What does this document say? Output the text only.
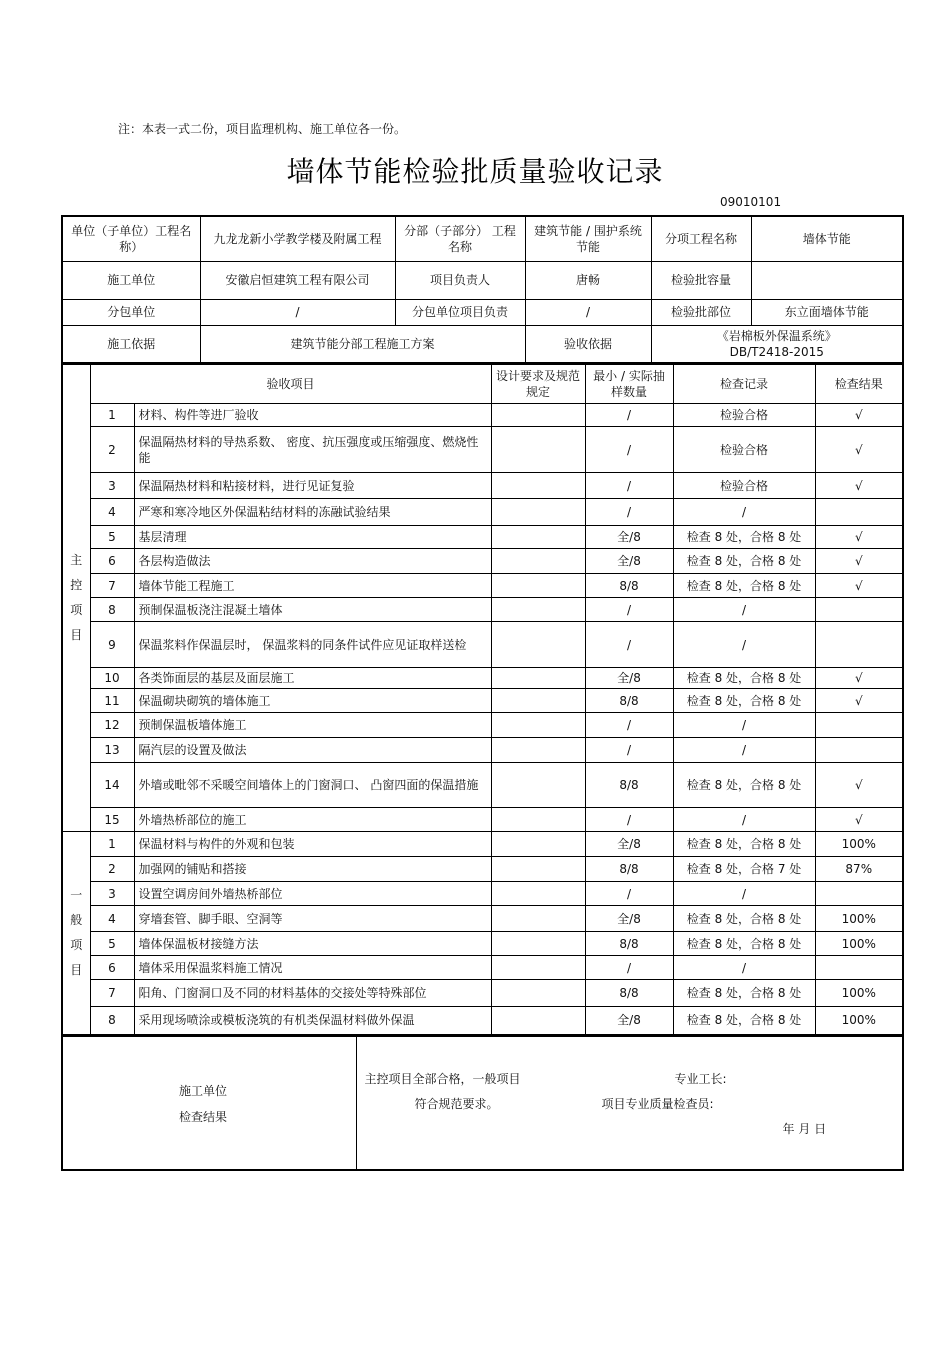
注：本表一式二份，项目监理机构、施工单位各一份。
墙体节能检验批质量验收记录
09010101
单位（子单位）工程名称）	九龙龙新小学教学楼及附属工程	分部（子部分） 工程名称	建筑节能 / 围护系统节能	分项工程名称	墙体节能
施工单位	安徽启恒建筑工程有限公司	项目负责人	唐畅	检验批容量	
分包单位	/	分包单位项目负责	/	检验批部位	东立面墙体节能
施工依据	建筑节能分部工程施工方案		验收依据	《岩棉板外保温系统》
DB/T2418-2015	
主
控
项
目	验收项目		设计要求及规范规定	最小 / 实际抽样数量	检查记录	检查结果
	1	材料、构件等进厂验收		/	检验合格	√
	2	保温隔热材料的导热系数、 密度、抗压强度或压缩强度、燃烧性能		/	检验合格	√
	3	保温隔热材料和粘接材料，进行见证复验		/	检验合格	√
	4	严寒和寒冷地区外保温粘结材料的冻融试验结果		/	/	
	5	基层清理		全/8	检查 8 处，合格 8 处	√
	6	各层构造做法		全/8	检查 8 处，合格 8 处	√
	7	墙体节能工程施工		8/8	检查 8 处，合格 8 处	√
	8	预制保温板浇注混凝土墙体		/	/	
	9	保温浆料作保温层时， 保温浆料的同条件试件应见证取样送检		/	/	
	10	各类饰面层的基层及面层施工		全/8	检查 8 处，合格 8 处	√
	11	保温砌块砌筑的墙体施工		8/8	检查 8 处，合格 8 处	√
	12	预制保温板墙体施工		/	/	
	13	隔汽层的设置及做法		/	/	
	14	外墙或毗邻不采暖空间墙体上的门窗洞口、 凸窗四面的保温措施		8/8	检查 8 处，合格 8 处	√
	15	外墙热桥部位的施工		/	/	√

一
般
项
目	1	保温材料与构件的外观和包装		全/8	检查 8 处，合格 8 处	100%
	2	加强网的铺贴和搭接		8/8	检查 8 处，合格 7 处	87%
	3	设置空调房间外墙热桥部位		/	/	
	4	穿墙套管、脚手眼、空洞等		全/8	检查 8 处，合格 8 处	100%
	5	墙体保温板材接缝方法		8/8	检查 8 处，合格 8 处	100%
	6	墙体采用保温浆料施工情况		/	/	
	7	阳角、门窗洞口及不同的材料基体的交接处等特殊部位		8/8	检查 8 处，合格 8 处	100%
	8	采用现场喷涂或模板浇筑的有机类保温材料做外保温		全/8	检查 8 处，合格 8 处	100%
施工单位
检查结果

主控项目全部合格，一般项目
符合规范要求。
专业工长:
项目专业质量检查员:
年 月 日
